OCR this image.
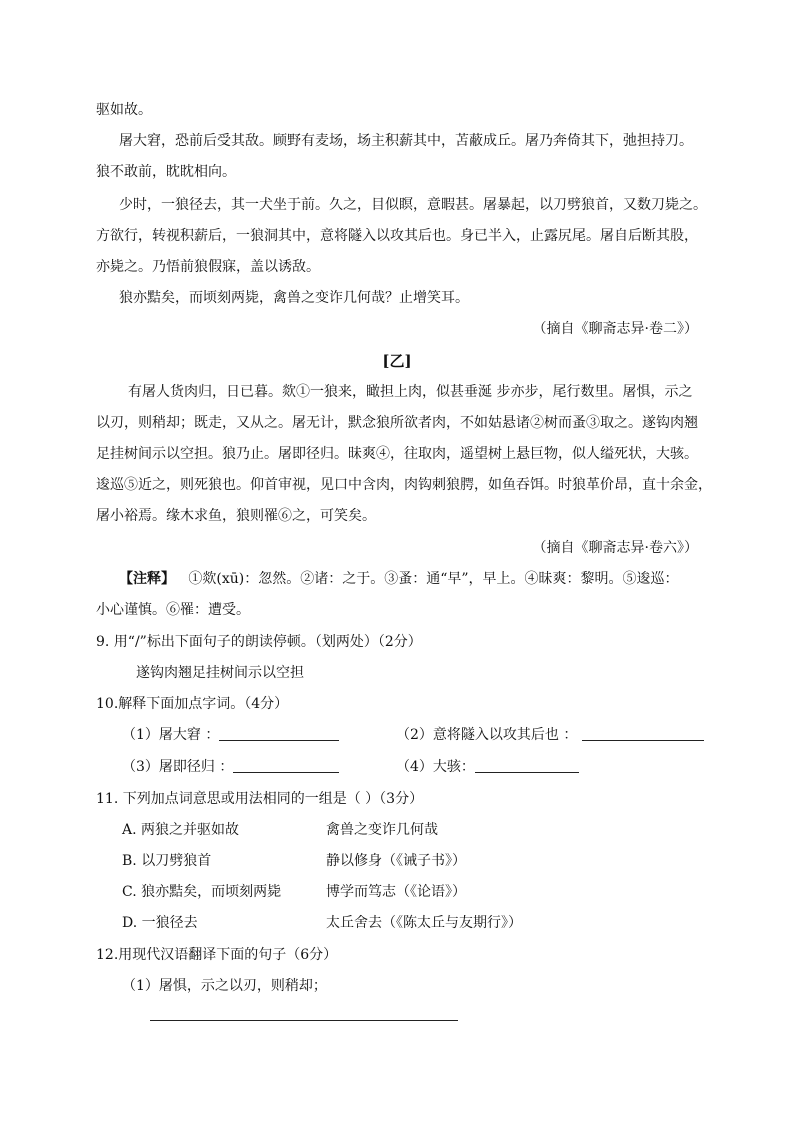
驱如故。
屠大窘，恐前后受其敌。顾野有麦场，场主积薪其中，苫蔽成丘。屠乃奔倚其下，弛担持刀。
狼不敢前，眈眈相向。
少时，一狼径去，其一犬坐于前。久之，目似瞑，意暇甚。屠暴起，以刀劈狼首，又数刀毙之。
方欲行，转视积薪后，一狼洞其中，意将隧入以攻其后也。身已半入，止露尻尾。屠自后断其股，
亦毙之。乃悟前狼假寐，盖以诱敌。
狼亦黠矣，而顷刻两毙，禽兽之变诈几何哉？止增笑耳。
（摘自《聊斋志异·卷二》）
[乙]
有屠人货肉归，日已暮。欻①一狼来，瞰担上肉，似甚垂涎 步亦步，尾行数里。屠惧，示之
以刃，则稍却；既走，又从之。屠无计，默念狼所欲者肉，不如姑悬诸②树而蚤③取之。遂钩肉翘
足挂树间示以空担。狼乃止。屠即径归。昧爽④，往取肉，遥望树上悬巨物，似人缢死状，大骇。
逡巡⑤近之，则死狼也。仰首审视，见口中含肉，肉钩刺狼腭，如鱼吞饵。时狼革价昂，直十余金，
屠小裕焉。缘木求鱼，狼则罹⑥之，可笑矣。
（摘自《聊斋志异·卷六》）
【注释】 ①欻(xū)：忽然。②诸：之于。③蚤：通“早”，早上。④昧爽：黎明。⑤逡巡：
小心谨慎。⑥罹：遭受。
9. 用“/”标出下面句子的朗读停顿。（划两处）（2分）
遂钩肉翘足挂树间示以空担
10.解释下面加点字词。（4分）
（1）屠大窘 ：	（2）意将隧入以攻其后也 ：
（3）屠即径归 ：	（4）大骇：
11. 下列加点词意思或用法相同的一组是（ ）（3分）
A. 两狼之并驱如故	禽兽之变诈几何哉
B. 以刀劈狼首	静以修身（《诫子书》）
C. 狼亦黠矣，而顷刻两毙	博学而笃志（《论语》）
D. 一狼径去	太丘舍去（《陈太丘与友期行》）
12.用现代汉语翻译下面的句子（6分）
（1）屠惧，示之以刃，则稍却；
